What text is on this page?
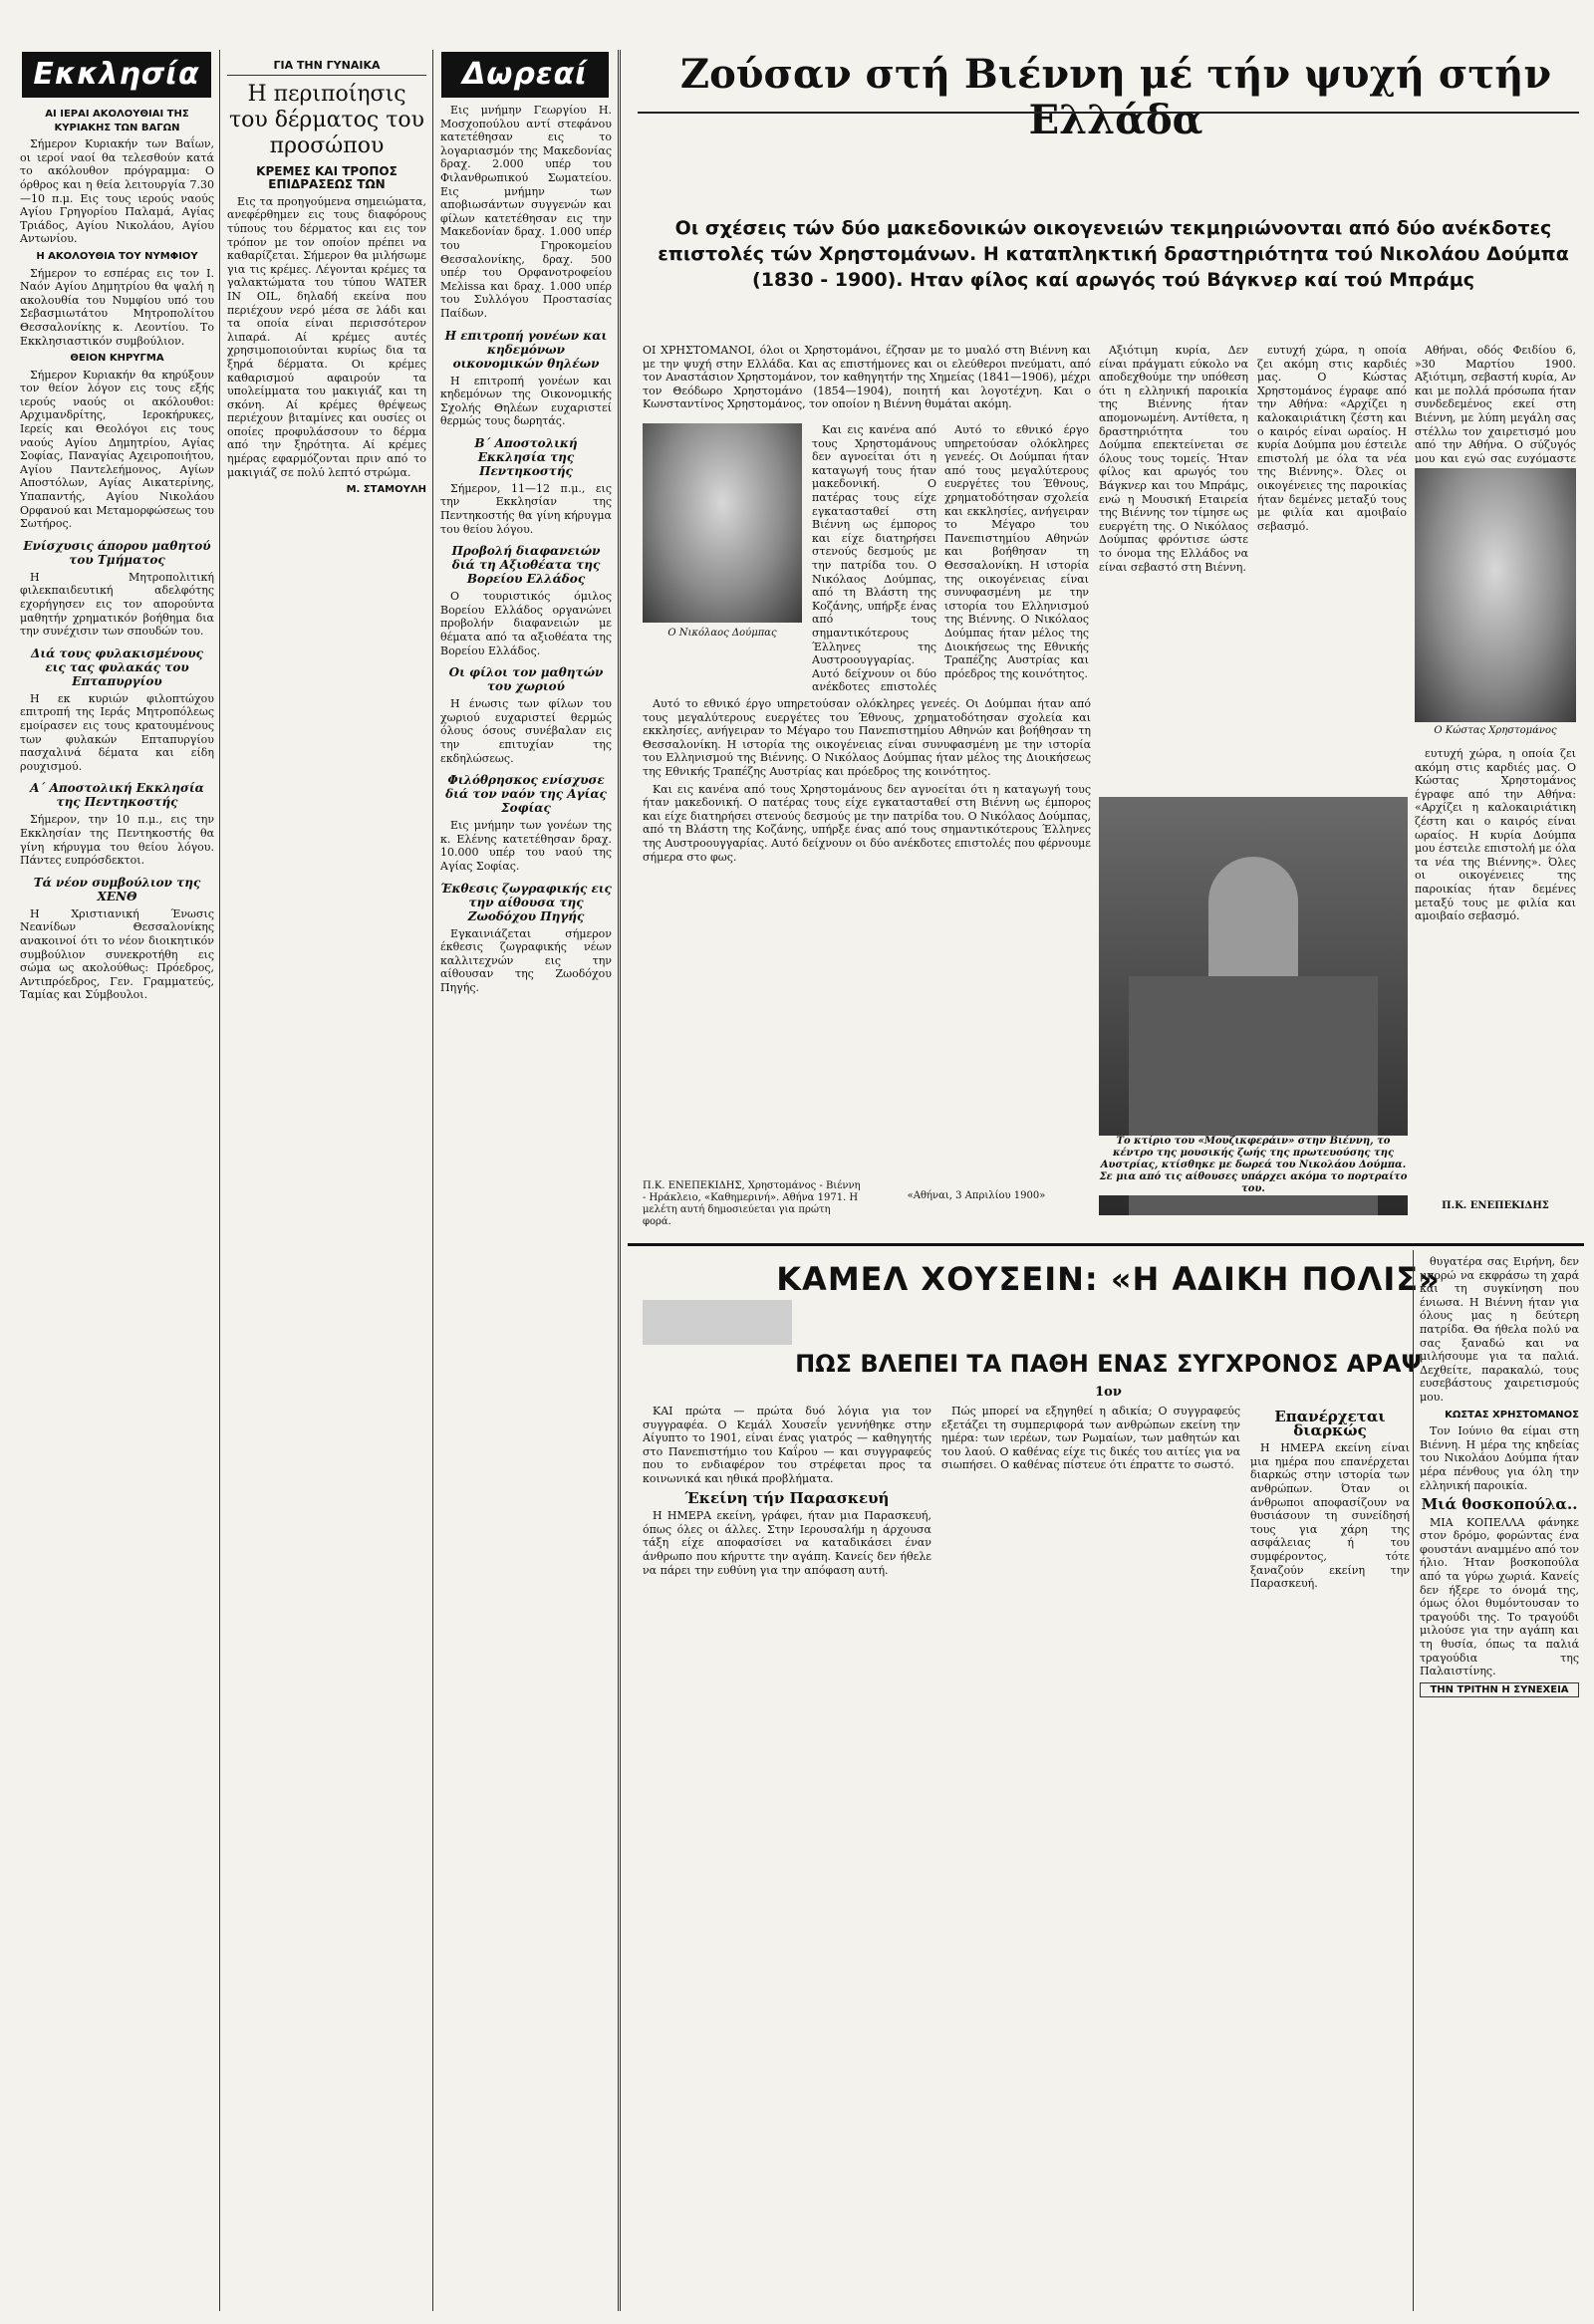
Εκκλησία
ΑΙ ΙΕΡΑΙ ΑΚΟΛΟΥΘΙΑΙ ΤΗΣ ΚΥΡΙΑΚΗΣ ΤΩΝ ΒΑΓΩΝ

Σήμερον Κυριακήν των Βαΐων, οι ιεροί ναοί θα τελεσθούν κατά το ακόλουθον πρόγραμμα: Ο όρθρος και η θεία λειτουργία 7.30—10 π.μ. Εις τους ιερούς ναούς Αγίου Γρηγορίου Παλαμά, Αγίας Τριάδος, Αγίου Νικολάου, Αγίου Αντωνίου.

Η ΑΚΟΛΟΥΘΙΑ ΤΟΥ ΝΥΜΦΙΟΥ

Σήμερον το εσπέρας εις τον Ι. Ναόν Αγίου Δημητρίου θα ψαλή η ακολουθία του Νυμφίου υπό του Σεβασμιωτάτου Μητροπολίτου Θεσσαλονίκης κ. Λεοντίου. Το Εκκλησιαστικόν συμβούλιον.

ΘΕΙΟΝ ΚΗΡΥΓΜΑ

Σήμερον Κυριακήν θα κηρύξουν τον θείον λόγον εις τους εξής ιερούς ναούς οι ακόλουθοι: Αρχιμανδρίτης, Ιεροκήρυκες, Ιερείς και Θεολόγοι εις τους ναούς Αγίου Δημητρίου, Αγίας Σοφίας, Παναγίας Αχειροποιήτου, Αγίου Παντελεήμονος, Αγίων Αποστόλων, Αγίας Αικατερίνης, Υπαπαντής, Αγίου Νικολάου Ορφανού και Μεταμορφώσεως του Σωτήρος.

Ενίσχυσις άπορου μαθητού του Τμήματος

Η Μητροπολιτική φιλεκπαιδευτική αδελφότης εχορήγησεν εις τον απορούντα μαθητήν χρηματικόν βοήθημα δια την συνέχισιν των σπουδών του.

Διά τους φυλακισμένους εις τας φυλακάς του Επταπυργίου

Η εκ κυριών φιλοπτώχου επιτροπή της Ιεράς Μητροπόλεως εμοίρασεν εις τους κρατουμένους των φυλακών Επταπυργίου πασχαλινά δέματα και είδη ρουχισμού.

Α΄ Αποστολική Εκκλησία της Πεντηκοστής

Σήμερον, την 10 π.μ., εις την Εκκλησίαν της Πεντηκοστής θα γίνη κήρυγμα του θείου λόγου. Πάντες ευπρόσδεκτοι.

Τά νέον συμβούλιον της ΧΕΝΘ

Η Χριστιανική Ένωσις Νεανίδων Θεσσαλονίκης ανακοινοί ότι το νέον διοικητικόν συμβούλιον συνεκροτήθη εις σώμα ως ακολούθως: Πρόεδρος, Αντιπρόεδρος, Γεν. Γραμματεύς, Ταμίας και Σύμβουλοι.

ΓΙΑ ΤΗΝ ΓΥΝΑΙΚΑ
Η περιποίησις του δέρματος του προσώπου
ΚΡΕΜΕΣ ΚΑΙ ΤΡΟΠΟΣ ΕΠΙΔΡΑΣΕΩΣ ΤΩΝ

Εις τα προηγούμενα σημειώματα, ανεφέρθημεν εις τους διαφόρους τύπους του δέρματος και εις τον τρόπον με τον οποίον πρέπει να καθαρίζεται. Σήμερον θα μιλήσωμε για τις κρέμες. Λέγονται κρέμες τα γαλακτώματα του τύπου WATER IN OIL, δηλαδή εκείνα που περιέχουν νερό μέσα σε λάδι και τα οποία είναι περισσότερον λιπαρά. Αί κρέμες αυτές χρησιμοποιούνται κυρίως δια τα ξηρά δέρματα. Οι κρέμες καθαρισμού αφαιρούν τα υπολείμματα του μακιγιάζ και τη σκόνη. Αί κρέμες θρέψεως περιέχουν βιταμίνες και ουσίες οι οποίες προφυλάσσουν το δέρμα από την ξηρότητα. Αί κρέμες ημέρας εφαρμόζονται πριν από το μακιγιάζ σε πολύ λεπτό στρώμα.

Μ. ΣΤΑΜΟΥΛΗ
Δωρεαί

Εις μνήμην Γεωργίου Η. Μοσχοπούλου αντί στεφάνου κατετέθησαν εις το λογαριασμόν της Μακεδονίας δραχ. 2.000 υπέρ του Φιλανθρωπικού Σωματείου. Εις μνήμην των αποβιωσάντων συγγενών και φίλων κατετέθησαν εις την Μακεδονίαν δραχ. 1.000 υπέρ του Γηροκομείου Θεσσαλονίκης, δραχ. 500 υπέρ του Ορφανοτροφείου Μελissa και δραχ. 1.000 υπέρ του Συλλόγου Προστασίας Παίδων.

Η επιτροπή γονέων και κηδεμόνων οικονομικών θηλέων

Η επιτροπή γονέων και κηδεμόνων της Οικονομικής Σχολής Θηλέων ευχαριστεί θερμώς τους δωρητάς.

Β΄ Αποστολική Εκκλησία της Πεντηκοστής

Σήμερον, 11—12 π.μ., εις την Εκκλησίαν της Πεντηκοστής θα γίνη κήρυγμα του θείου λόγου.

Προβολή διαφανειών διά τη Αξιοθέατα της Βορείου Ελλάδος

Ο τουριστικός όμιλος Βορείου Ελλάδος οργανώνει προβολήν διαφανειών με θέματα από τα αξιοθέατα της Βορείου Ελλάδος.

Οι φίλοι τον μαθητών του χωριού

Η ένωσις των φίλων του χωριού ευχαριστεί θερμώς όλους όσους συνέβαλαν εις την επιτυχίαν της εκδηλώσεως.

Φιλόθρησκος ενίσχυσε διά τον ναόν της Αγίας Σοφίας

Εις μνήμην των γονέων της κ. Ελένης κατετέθησαν δραχ. 10.000 υπέρ του ναού της Αγίας Σοφίας.

Έκθεσις ζωγραφικής εις την αίθουσα της Ζωοδόχου Πηγής

Εγκαινιάζεται σήμερον έκθεσις ζωγραφικής νέων καλλιτεχνών εις την αίθουσαν της Ζωοδόχου Πηγής.

Ζούσαν στή Βιέννη μέ τήν ψυχή στήν Ελλάδα
Οι σχέσεις τών δύο μακεδονικών οικογενειών τεκμηριώνονται από δύο ανέκδοτες επιστολές τών Χρηστομάνων. Η καταπληκτική δραστηριότητα τού Νικολάου Δούμπα (1830 - 1900). Ηταν φίλος καί αρωγός τού Βάγκνερ καί τού Μπράμς

ΟΙ ΧΡΗΣΤΟΜΑΝΟΙ, όλοι οι Χρηστομάνοι, έζησαν με το μυαλό στη Βιέννη και με την ψυχή στην Ελλάδα. Και ας επιστήμονες και οι ελεύθεροι πνεύματι, από τον Αναστάσιον Χρηστομάνον, τον καθηγητήν της Χημείας (1841—1906), μέχρι τον Θεόδωρο Χρηστομάνο (1854—1904), ποιητή και λογοτέχνη. Και ο Κωνσταντίνος Χρηστομάνος, τον οποίον η Βιέννη θυμάται ακόμη.

Ο Νικόλαος Δούμπας

Και εις κανένα από τους Χρηστομάνους δεν αγνοείται ότι η καταγωγή τους ήταν μακεδονική. Ο πατέρας τους είχε εγκατασταθεί στη Βιέννη ως έμπορος και είχε διατηρήσει στενούς δεσμούς με την πατρίδα του. Ο Νικόλαος Δούμπας, από τη Βλάστη της Κοζάνης, υπήρξε ένας από τους σημαντικότερους Έλληνες της Αυστροουγγαρίας. Αυτό δείχνουν οι δύο ανέκδοτες επιστολές

Αυτό το εθνικό έργο υπηρετούσαν ολόκληρες γενεές. Οι Δούμπαι ήταν από τους μεγαλύτερους ευεργέτες του Έθνους, χρηματοδότησαν σχολεία και εκκλησίες, ανήγειραν το Μέγαρο του Πανεπιστημίου Αθηνών και βοήθησαν τη Θεσσαλονίκη. Η ιστορία της οικογένειας είναι συνυφασμένη με την ιστορία του Ελληνισμού της Βιέννης. Ο Νικόλαος Δούμπας ήταν μέλος της Διοικήσεως της Εθνικής Τραπέζης Αυστρίας και πρόεδρος της κοινότητος.

Αξιότιμη κυρία, Δεν είναι πράγματι εύκολο να αποδεχθούμε την υπόθεση ότι η ελληνική παροικία της Βιέννης ήταν απομονωμένη. Αντίθετα, η δραστηριότητα του Δούμπα επεκτείνεται σε όλους τους τομείς. Ήταν φίλος και αρωγός του Βάγκνερ και του Μπράμς, ενώ η Μουσική Εταιρεία της Βιέννης τον τίμησε ως ευεργέτη της. Ο Νικόλαος Δούμπας φρόντισε ώστε το όνομα της Ελλάδος να είναι σεβαστό στη Βιέννη.

ευτυχή χώρα, η οποία ζει ακόμη στις καρδιές μας. Ο Κώστας Χρηστομάνος έγραφε από την Αθήνα: «Αρχίζει η καλοκαιριάτικη ζέστη και ο καιρός είναι ωραίος. Η κυρία Δούμπα μου έστειλε επιστολή με όλα τα νέα της Βιέννης». Όλες οι οικογένειες της παροικίας ήταν δεμένες μεταξύ τους με φιλία και αμοιβαίο σεβασμό.

Αθήναι, οδός Φειδίου 6, »30 Μαρτίου 1900. Αξιότιμη, σεβαστή κυρία, Αν και με πολλά πρόσωπα ήταν συνδεδεμένος εκεί στη Βιέννη, με λύπη μεγάλη σας στέλλω τον χαιρετισμό μου από την Αθήνα. Ο σύζυγός μου και εγώ σας ευχόμαστε

Ο Κώστας Χρηστομάνος

Αυτό το εθνικό έργο υπηρετούσαν ολόκληρες γενεές. Οι Δούμπαι ήταν από τους μεγαλύτερους ευεργέτες του Έθνους, χρηματοδότησαν σχολεία και εκκλησίες, ανήγειραν το Μέγαρο του Πανεπιστημίου Αθηνών και βοήθησαν τη Θεσσαλονίκη. Η ιστορία της οικογένειας είναι συνυφασμένη με την ιστορία του Ελληνισμού της Βιέννης. Ο Νικόλαος Δούμπας ήταν μέλος της Διοικήσεως της Εθνικής Τραπέζης Αυστρίας και πρόεδρος της κοινότητος.

Και εις κανένα από τους Χρηστομάνους δεν αγνοείται ότι η καταγωγή τους ήταν μακεδονική. Ο πατέρας τους είχε εγκατασταθεί στη Βιέννη ως έμπορος και είχε διατηρήσει στενούς δεσμούς με την πατρίδα του. Ο Νικόλαος Δούμπας, από τη Βλάστη της Κοζάνης, υπήρξε ένας από τους σημαντικότερους Έλληνες της Αυστροουγγαρίας. Αυτό δείχνουν οι δύο ανέκδοτες επιστολές που φέρνουμε σήμερα στο φως.

Π.Κ. ΕΝΕΠΕΚΙΔΗΣ, Χρηστομάνος - Βιέννη - Ηράκλειο, «Καθημερινή». Αθήνα 1971. Η μελέτη αυτή δημοσιεύεται για πρώτη φορά.
«Αθήναι, 3 Απριλίου 1900»
Το κτίριο του «Μουζικφεράιν» στην Βιέννη, το κέντρο της μουσικής ζωής της πρωτευούσης της Αυστρίας, κτίσθηκε με δωρεά του Νικολάου Δούμπα. Σε μια από τις αίθουσες υπάρχει ακόμα το πορτραίτο του.

ευτυχή χώρα, η οποία ζει ακόμη στις καρδιές μας. Ο Κώστας Χρηστομάνος έγραφε από την Αθήνα: «Αρχίζει η καλοκαιριάτικη ζέστη και ο καιρός είναι ωραίος. Η κυρία Δούμπα μου έστειλε επιστολή με όλα τα νέα της Βιέννης». Όλες οι οικογένειες της παροικίας ήταν δεμένες μεταξύ τους με φιλία και αμοιβαίο σεβασμό.

Π.Κ. ΕΝΕΠΕΚΙΔΗΣ
ΚΑΜΕΛ ΧΟΥΣΕΙΝ: «Η ΑΔΙΚΗ ΠΟΛΙΣ»
ΠΩΣ ΒΛΕΠΕΙ ΤΑ ΠΑΘΗ ΕΝΑΣ ΣΥΓΧΡΟΝΟΣ ΑΡΑΨ
1ον

ΚΑΙ πρώτα — πρώτα δυό λόγια για τον συγγραφέα. Ο Κεμάλ Χουσεΐν γεννήθηκε στην Αίγυπτο το 1901, είναι ένας γιατρός — καθηγητής στο Πανεπιστήμιο του Καΐρου — και συγγραφεύς που το ενδιαφέρον του στρέφεται προς τα κοινωνικά και ηθικά προβλήματα.

Έκείνη τήν Παρασκευή

Η ΗΜΕΡΑ εκείνη, γράφει, ήταν μια Παρασκευή, όπως όλες οι άλλες. Στην Ιερουσαλήμ η άρχουσα τάξη είχε αποφασίσει να καταδικάσει έναν άνθρωπο που κήρυττε την αγάπη. Κανείς δεν ήθελε να πάρει την ευθύνη για την απόφαση αυτή.

Πώς μπορεί να εξηγηθεί η αδικία; Ο συγγραφεύς εξετάζει τη συμπεριφορά των ανθρώπων εκείνη την ημέρα: των ιερέων, των Ρωμαίων, των μαθητών και του λαού. Ο καθένας είχε τις δικές του αιτίες για να σιωπήσει. Ο καθένας πίστευε ότι έπραττε το σωστό.

Επανέρχεται διαρκώς

Η ΗΜΕΡΑ εκείνη είναι μια ημέρα που επανέρχεται διαρκώς στην ιστορία των ανθρώπων. Όταν οι άνθρωποι αποφασίζουν να θυσιάσουν τη συνείδησή τους για χάρη της ασφάλειας ή του συμφέροντος, τότε ξαναζούν εκείνη την Παρασκευή.

θυγατέρα σας Ειρήνη, δεν μπορώ να εκφράσω τη χαρά και τη συγκίνηση που ένιωσα. Η Βιέννη ήταν για όλους μας η δεύτερη πατρίδα. Θα ήθελα πολύ να σας ξαναδώ και να μιλήσουμε για τα παλιά. Δεχθείτε, παρακαλώ, τους ευσεβάστους χαιρετισμούς μου.

ΚΩΣΤΑΣ ΧΡΗΣΤΟΜΑΝΟΣ

Τον Ιούνιο θα είμαι στη Βιέννη. Η μέρα της κηδείας του Νικολάου Δούμπα ήταν μέρα πένθους για όλη την ελληνική παροικία.

Μιά θοσκοπούλα..

ΜΙΑ ΚΟΠΕΛΛΑ φάνηκε στον δρόμο, φορώντας ένα φουστάνι αναμμένο από τον ήλιο. Ήταν βοσκοπούλα από τα γύρω χωριά. Κανείς δεν ήξερε το όνομά της, όμως όλοι θυμόντουσαν το τραγούδι της. Το τραγούδι μιλούσε για την αγάπη και τη θυσία, όπως τα παλιά τραγούδια της Παλαιστίνης.

ΤΗΝ ΤΡΙΤΗΝ Η ΣΥΝΕΧΕΙΑ
